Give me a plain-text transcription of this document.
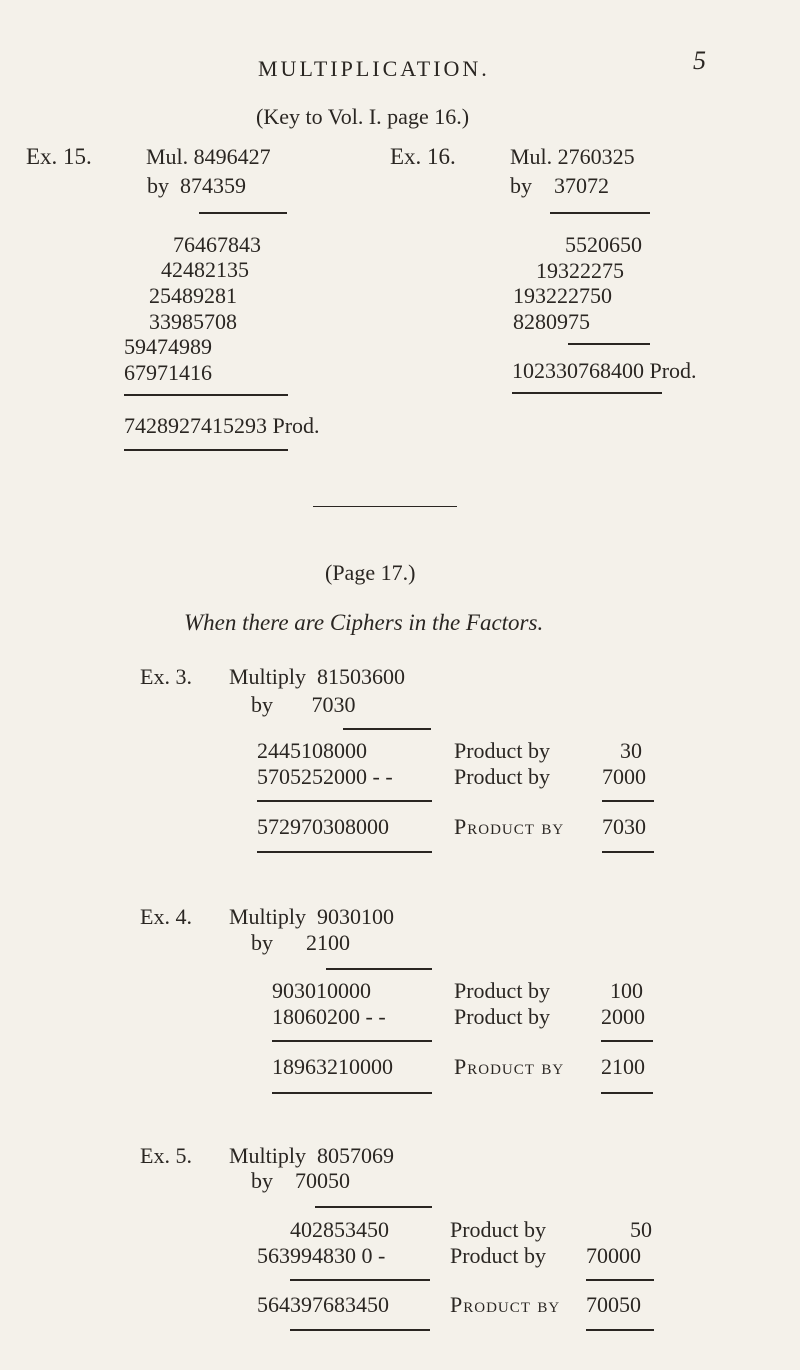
MULTIPLICATION.	5
(Key to Vol. I. page 16.)
Ex. 15. Mul. 8496427
by  874359
76467843
42482135
25489281
33985708
59474989
67971416
7428927415293 Prod.
Ex. 16. Mul. 2760325
by    37072
5520650
19322275
193222750
8280975
102330768400 Prod.
(Page 17.)
When there are Ciphers in the Factors.
Ex. 3. Multiply  81503600
by       7030
2445108000	Product by	30
5705252000 - -	Product by 7000
572970308000	Product by 7030
Ex. 4. Multiply  9030100
by      2100
903010000	Product by	100
18060200 - -	Product by 2000
18963210000	Product by 2100
Ex. 5. Multiply  8057069
by    70050
402853450	Product by	50
563994830 0 -	Product by 70000
564397683450	Product by 70050
